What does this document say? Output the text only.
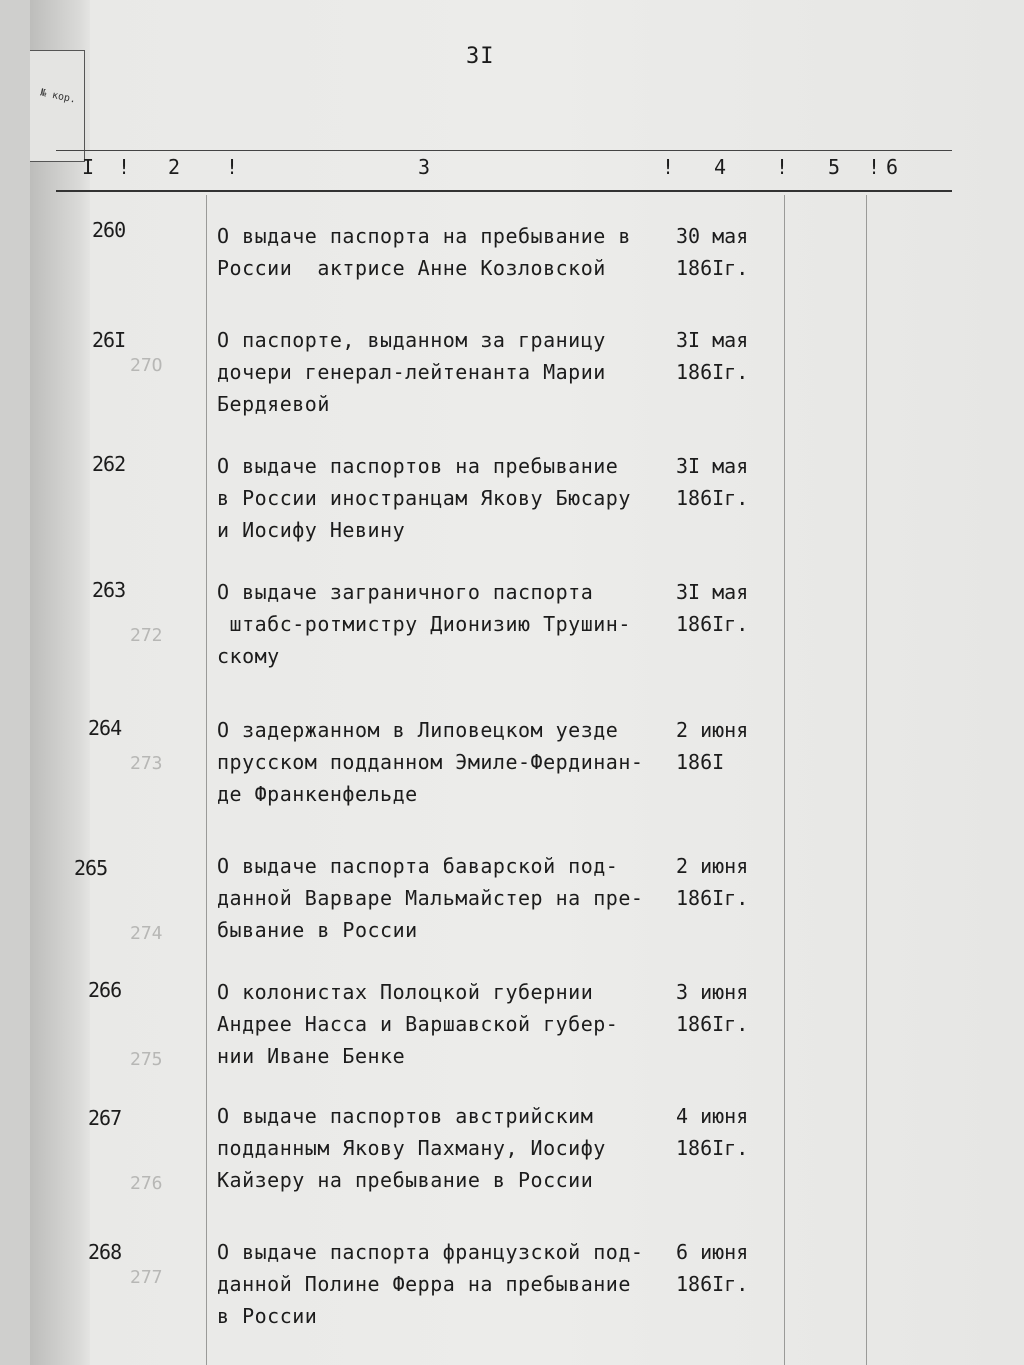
№ кор.
27O
272
273
274
275
276
277
3I
I ! 2 !	3	! 4 ! 5 ! 6
260	О выдаче паспорта на пребывание в
России  актрисе Анне Козловской
30 мая
186Iг.
26I	О паспорте, выданном за границу
дочери генерал-лейтенанта Марии
Бердяевой
3I мая
186Iг.
262	О выдаче паспортов на пребывание
в России иностранцам Якову Бюсару
и Иосифу Невину
3I мая
186Iг.
263	О выдаче заграничного паспорта
штабс-ротмистру Дионизию Трушин-
скому
3I мая
186Iг.
264	О задержанном в Липовецком уезде
прусском подданном Эмиле-Фердинан-
де Франкенфельде
2 июня
186I
265	О выдаче паспорта баварской под-
данной Варваре Мальмайстер на пре-
бывание в России
2 июня
186Iг.
266	О колонистах Полоцкой губернии
Андрее Насса и Варшавской губер-
нии Иване Бенке
3 июня
186Iг.
267	О выдаче паспортов австрийским
подданным Якову Пахману, Иосифу
Кайзеру на пребывание в России
4 июня
186Iг.
268	О выдаче паспорта французской под-
данной Полине Ферра на пребывание
в России
6 июня
186Iг.
